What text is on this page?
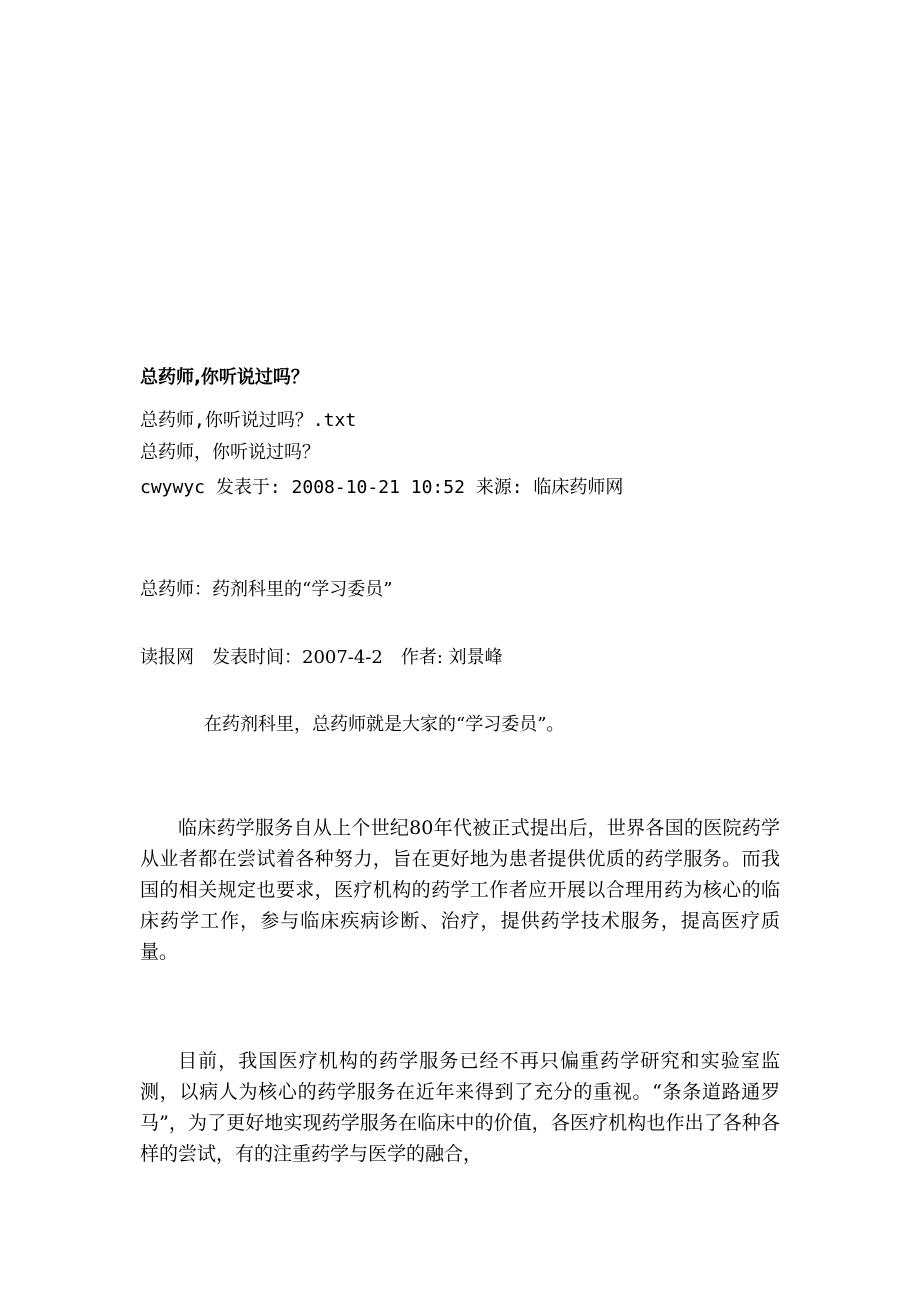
总药师,你听说过吗？
总药师,你听说过吗？.txt
总药师，你听说过吗？
cwywyc 发表于: 2008-10-21 10:52 来源: 临床药师网
总药师：药剂科里的“学习委员”
读报网　发表时间：2007-4-2　作者: 刘景峰
在药剂科里，总药师就是大家的“学习委员”。
临床药学服务自从上个世纪80年代被正式提出后，世界各国的医院药学从业者都在尝试着各种努力，旨在更好地为患者提供优质的药学服务。而我国的相关规定也要求，医疗机构的药学工作者应开展以合理用药为核心的临床药学工作，参与临床疾病诊断、治疗，提供药学技术服务，提高医疗质量。
目前，我国医疗机构的药学服务已经不再只偏重药学研究和实验室监测，以病人为核心的药学服务在近年来得到了充分的重视。“条条道路通罗马”，为了更好地实现药学服务在临床中的价值，各医疗机构也作出了各种各样的尝试，有的注重药学与医学的融合，
